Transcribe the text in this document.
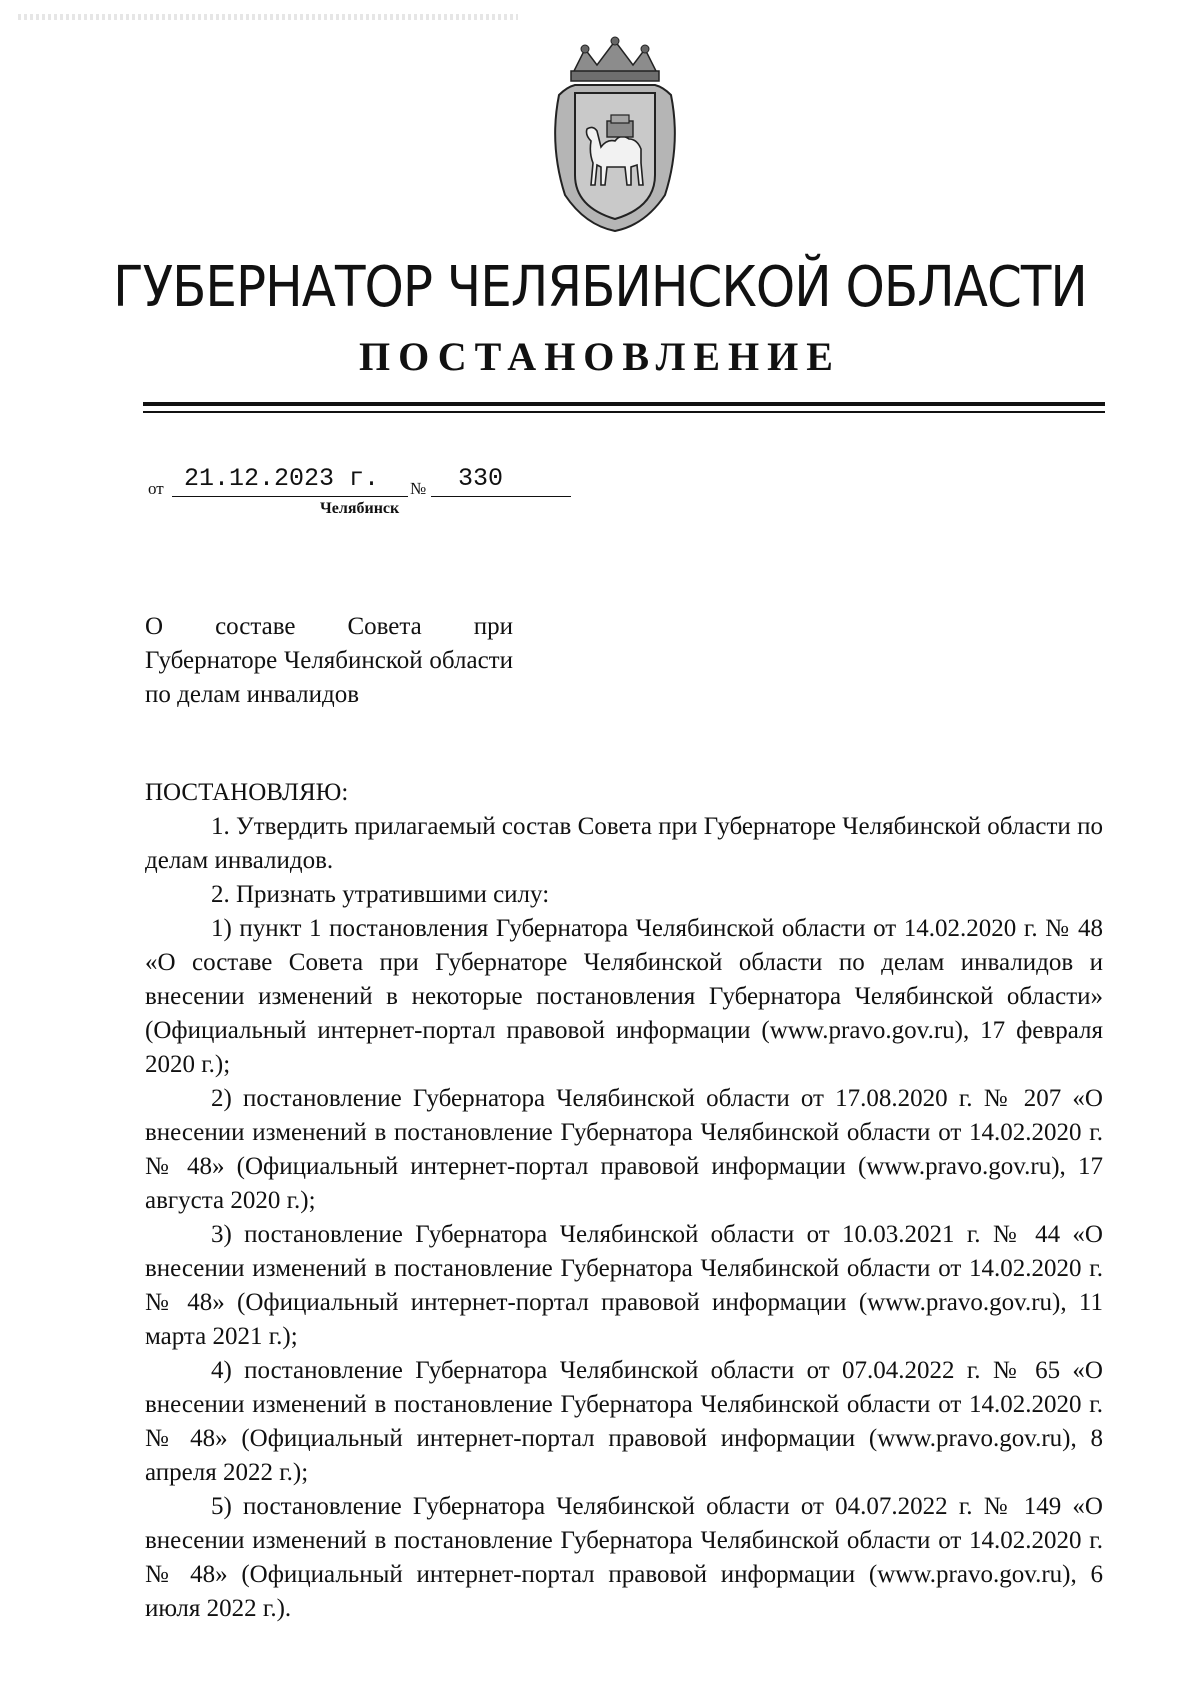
ГУБЕРНАТОР ЧЕЛЯБИНСКОЙ ОБЛАСТИ
ПОСТАНОВЛЕНИЕ
от 21.12.2023 г. № 330
Челябинск
О составе Совета при Губернаторе Челябинской области по делам инвалидов

ПОСТАНОВЛЯЮ:

1. Утвердить прилагаемый состав Совета при Губернаторе Челябинской области по делам инвалидов.

2. Признать утратившими силу:

1) пункт 1 постановления Губернатора Челябинской области от 14.02.2020 г. № 48 «О составе Совета при Губернаторе Челябинской области по делам инвалидов и внесении изменений в некоторые постановления Губернатора Челябинской области» (Официальный интернет-портал правовой информации (www.pravo.gov.ru), 17 февраля 2020 г.);

2) постановление Губернатора Челябинской области от 17.08.2020 г. № 207 «О внесении изменений в постановление Губернатора Челябинской области от 14.02.2020 г. № 48» (Официальный интернет-портал правовой информации (www.pravo.gov.ru), 17 августа 2020 г.);

3) постановление Губернатора Челябинской области от 10.03.2021 г. № 44 «О внесении изменений в постановление Губернатора Челябинской области от 14.02.2020 г. № 48» (Официальный интернет-портал правовой информации (www.pravo.gov.ru), 11 марта 2021 г.);

4) постановление Губернатора Челябинской области от 07.04.2022 г. № 65 «О внесении изменений в постановление Губернатора Челябинской области от 14.02.2020 г. № 48» (Официальный интернет-портал правовой информации (www.pravo.gov.ru), 8 апреля 2022 г.);

5) постановление Губернатора Челябинской области от 04.07.2022 г. № 149 «О внесении изменений в постановление Губернатора Челябинской области от 14.02.2020 г. № 48» (Официальный интернет-портал правовой информации (www.pravo.gov.ru), 6 июля 2022 г.).
